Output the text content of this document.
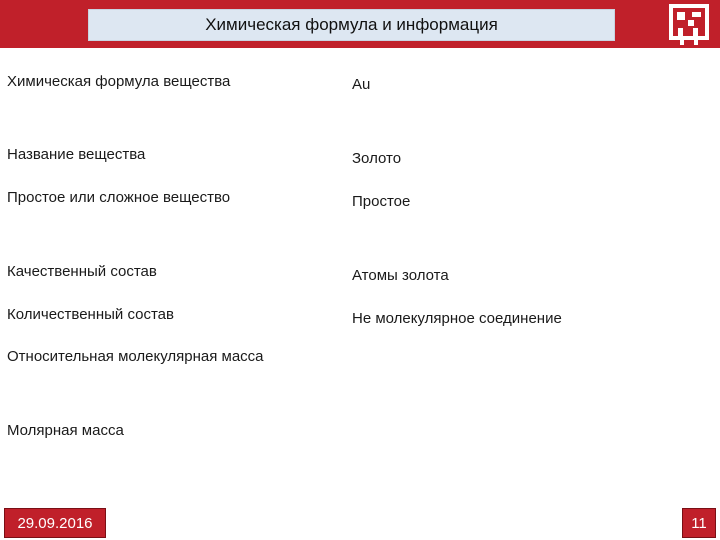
Химическая формула и информация
Химическая формула вещества	Au
Название вещества	Золото
Простое или сложное вещество	Простое
Качественный состав	Атомы золота
Количественный состав	Не молекулярное соединение
Относительная молекулярная масса
Молярная масса
29.09.2016	11
